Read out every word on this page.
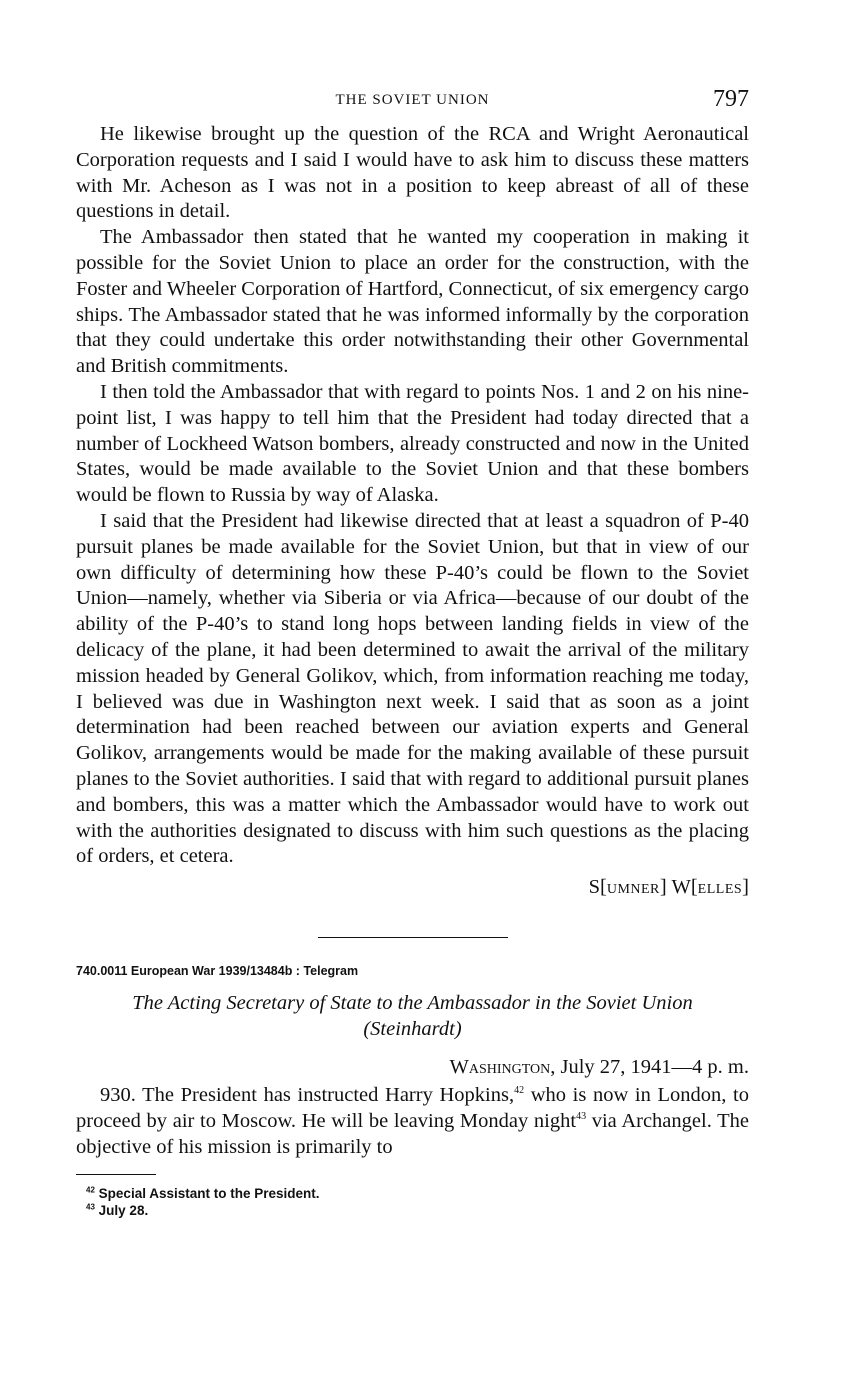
THE SOVIET UNION	797

He likewise brought up the question of the RCA and Wright Aeronautical Corporation requests and I said I would have to ask him to discuss these matters with Mr. Acheson as I was not in a position to keep abreast of all of these questions in detail.

The Ambassador then stated that he wanted my cooperation in making it possible for the Soviet Union to place an order for the construction, with the Foster and Wheeler Corporation of Hartford, Connecticut, of six emergency cargo ships. The Ambassador stated that he was informed informally by the corporation that they could undertake this order notwithstanding their other Governmental and British commitments.

I then told the Ambassador that with regard to points Nos. 1 and 2 on his nine-point list, I was happy to tell him that the President had today directed that a number of Lockheed Watson bombers, already constructed and now in the United States, would be made available to the Soviet Union and that these bombers would be flown to Russia by way of Alaska.

I said that the President had likewise directed that at least a squadron of P-40 pursuit planes be made available for the Soviet Union, but that in view of our own difficulty of determining how these P-40’s could be flown to the Soviet Union—namely, whether via Siberia or via Africa—because of our doubt of the ability of the P-40’s to stand long hops between landing fields in view of the delicacy of the plane, it had been determined to await the arrival of the military mission headed by General Golikov, which, from information reaching me today, I believed was due in Washington next week. I said that as soon as a joint determination had been reached between our aviation experts and General Golikov, arrangements would be made for the making available of these pursuit planes to the Soviet authorities. I said that with regard to additional pursuit planes and bombers, this was a matter which the Ambassador would have to work out with the authorities designated to discuss with him such questions as the placing of orders, et cetera.

S[UMNER] W[ELLES]
740.0011 European War 1939/13484b : Telegram
The Acting Secretary of State to the Ambassador in the Soviet Union
(Steinhardt)
Washington, July 27, 1941—4 p. m.

930. The President has instructed Harry Hopkins,$^{42}$ who is now in London, to proceed by air to Moscow. He will be leaving Monday night$^{43}$ via Archangel. The objective of his mission is primarily to

$^{42}$ Special Assistant to the President.
$^{43}$ July 28.
